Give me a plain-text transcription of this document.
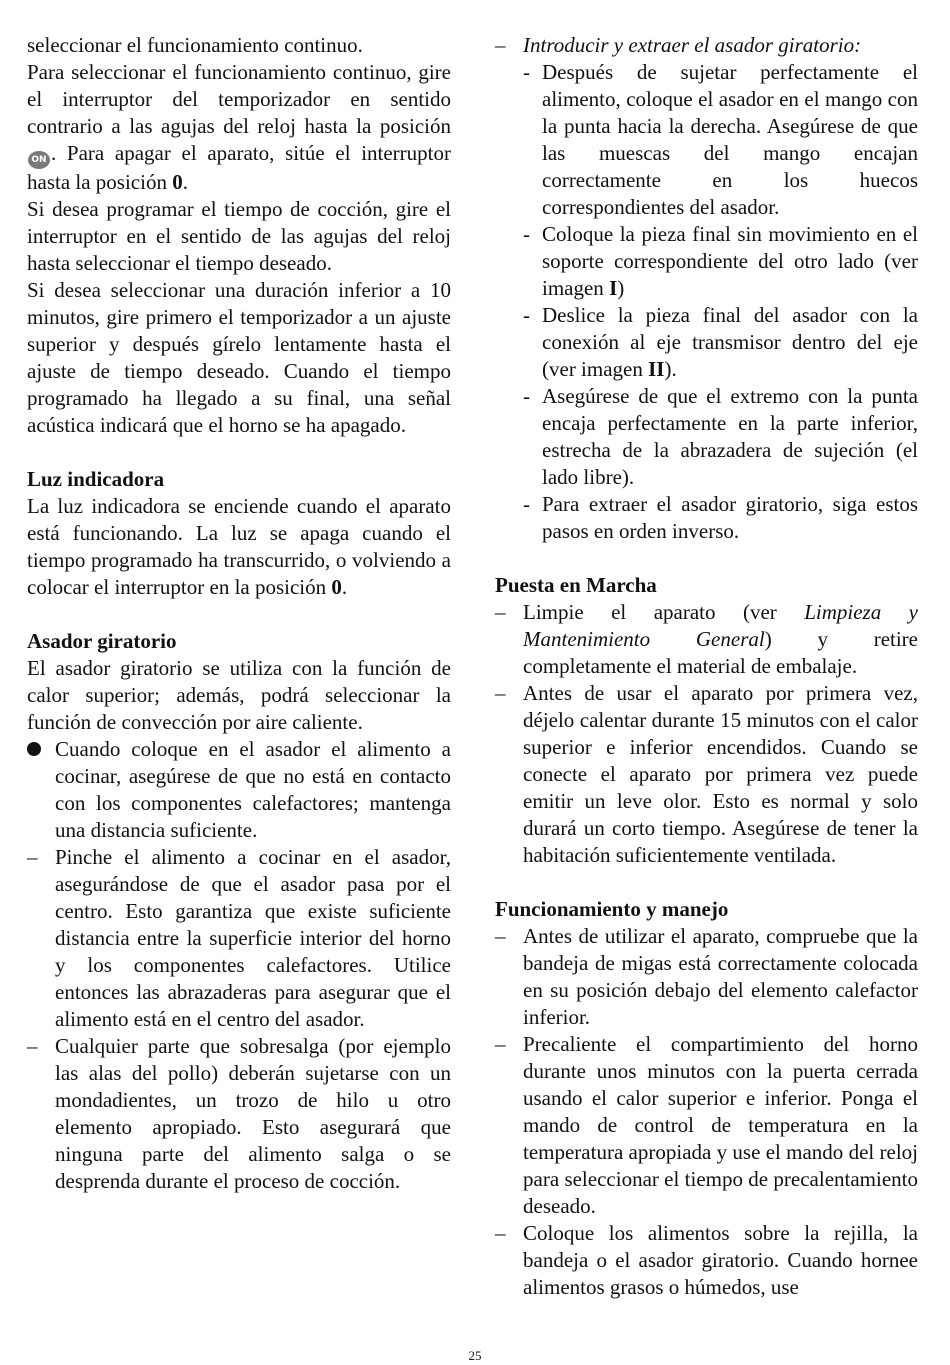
seleccionar el funcionamiento continuo.

Para seleccionar el funcionamiento continuo, gire el interruptor del temporizador en sentido contrario a las agujas del reloj hasta la posición ON . Para apagar el aparato, sitúe el interruptor hasta la posición 0.

Si desea programar el tiempo de cocción, gire el interruptor en el sentido de las agujas del reloj hasta seleccionar el tiempo deseado.

Si desea seleccionar una duración inferior a 10 minutos, gire primero el temporizador a un ajuste superior y después gírelo lentamente hasta el ajuste de tiempo deseado. Cuando el tiempo programado ha llegado a su final, una señal acústica indicará que el horno se ha apagado.

Luz indicadora

La luz indicadora se enciende cuando el aparato está funcionando. La luz se apaga cuando el tiempo programado ha transcurrido, o volviendo a colocar el interruptor en la posición 0.

Asador giratorio

El asador giratorio se utiliza con la función de calor superior; además, podrá seleccionar la función de convección por aire caliente.

Cuando coloque en el asador el alimento a cocinar, asegúrese de que no está en contacto con los componentes calefactores; mantenga una distancia suficiente.
– Pinche el alimento a cocinar en el asador, asegurándose de que el asador pasa por el centro. Esto garantiza que existe suficiente distancia entre la superficie interior del horno y los componentes calefactores. Utilice entonces las abrazaderas para asegurar que el alimento está en el centro del asador.
– Cualquier parte que sobresalga (por ejemplo las alas del pollo) deberán sujetarse con un mondadientes, un trozo de hilo u otro elemento apropiado. Esto asegurará que ninguna parte del alimento salga o se desprenda durante el proceso de cocción.
– Introducir y extraer el asador giratorio:
- Después de sujetar perfectamente el alimento, coloque el asador en el mango con la punta hacia la derecha. Asegúrese de que las muescas del mango encajan correctamente en los huecos correspondientes del asador.
- Coloque la pieza final sin movimiento en el soporte correspondiente del otro lado (ver imagen I)
- Deslice la pieza final del asador con la conexión al eje transmisor dentro del eje (ver imagen II).
- Asegúrese de que el extremo con la punta encaja perfectamente en la parte inferior, estrecha de la abrazadera de sujeción (el lado libre).
- Para extraer el asador giratorio, siga estos pasos en orden inverso.

Puesta en Marcha

– Limpie el aparato (ver Limpieza y Mantenimiento General) y retire completamente el material de embalaje.
– Antes de usar el aparato por primera vez, déjelo calentar durante 15 minutos con el calor superior e inferior encendidos. Cuando se conecte el aparato por primera vez puede emitir un leve olor. Esto es normal y solo durará un corto tiempo. Asegúrese de tener la habitación suficientemente ventilada.

Funcionamiento y manejo

– Antes de utilizar el aparato, compruebe que la bandeja de migas está correctamente colocada en su posición debajo del elemento calefactor inferior.
– Precaliente el compartimiento del horno durante unos minutos con la puerta cerrada usando el calor superior e inferior. Ponga el mando de control de temperatura en la temperatura apropiada y use el mando del reloj para seleccionar el tiempo de precalentamiento deseado.
– Coloque los alimentos sobre la rejilla, la bandeja o el asador giratorio. Cuando hornee alimentos grasos o húmedos, use
25
